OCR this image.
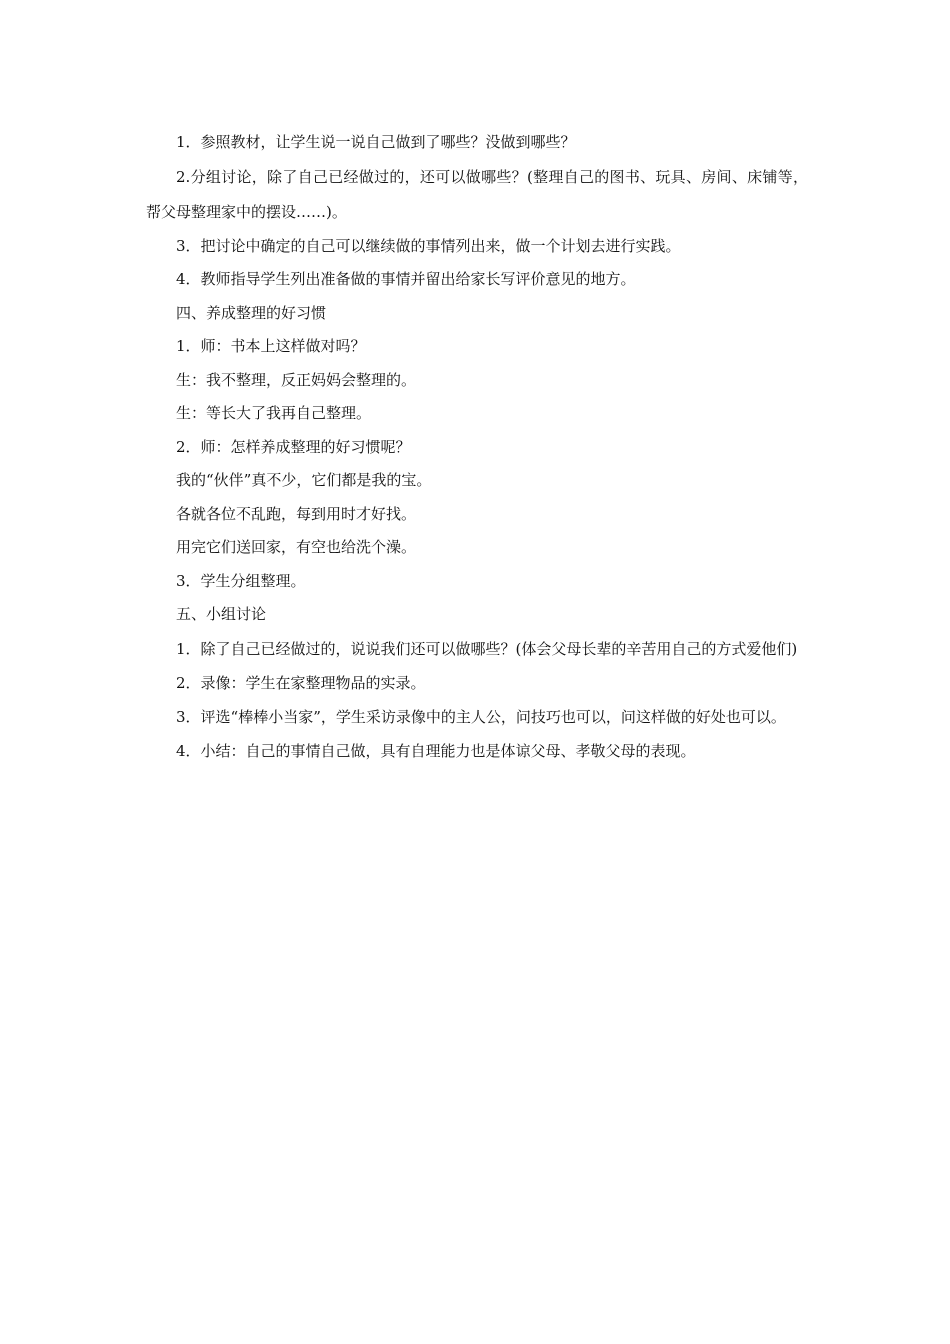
1．参照教材，让学生说一说自己做到了哪些？没做到哪些？

2.分组讨论，除了自己已经做过的，还可以做哪些？(整理自己的图书、玩具、房间、床铺等，帮父母整理家中的摆设……)。

3．把讨论中确定的自己可以继续做的事情列出来，做一个计划去进行实践。

4．教师指导学生列出准备做的事情并留出给家长写评价意见的地方。

四、养成整理的好习惯

1．师：书本上这样做对吗？

生：我不整理，反正妈妈会整理的。

生：等长大了我再自己整理。

2．师：怎样养成整理的好习惯呢？

我的“伙伴”真不少，它们都是我的宝。

各就各位不乱跑，每到用时才好找。

用完它们送回家，有空也给洗个澡。

3．学生分组整理。

五、小组讨论

1．除了自己已经做过的，说说我们还可以做哪些？(体会父母长辈的辛苦用自己的方式爱他们)

2．录像：学生在家整理物品的实录。

3．评选“棒棒小当家”，学生采访录像中的主人公，问技巧也可以，问这样做的好处也可以。

4．小结：自己的事情自己做，具有自理能力也是体谅父母、孝敬父母的表现。
